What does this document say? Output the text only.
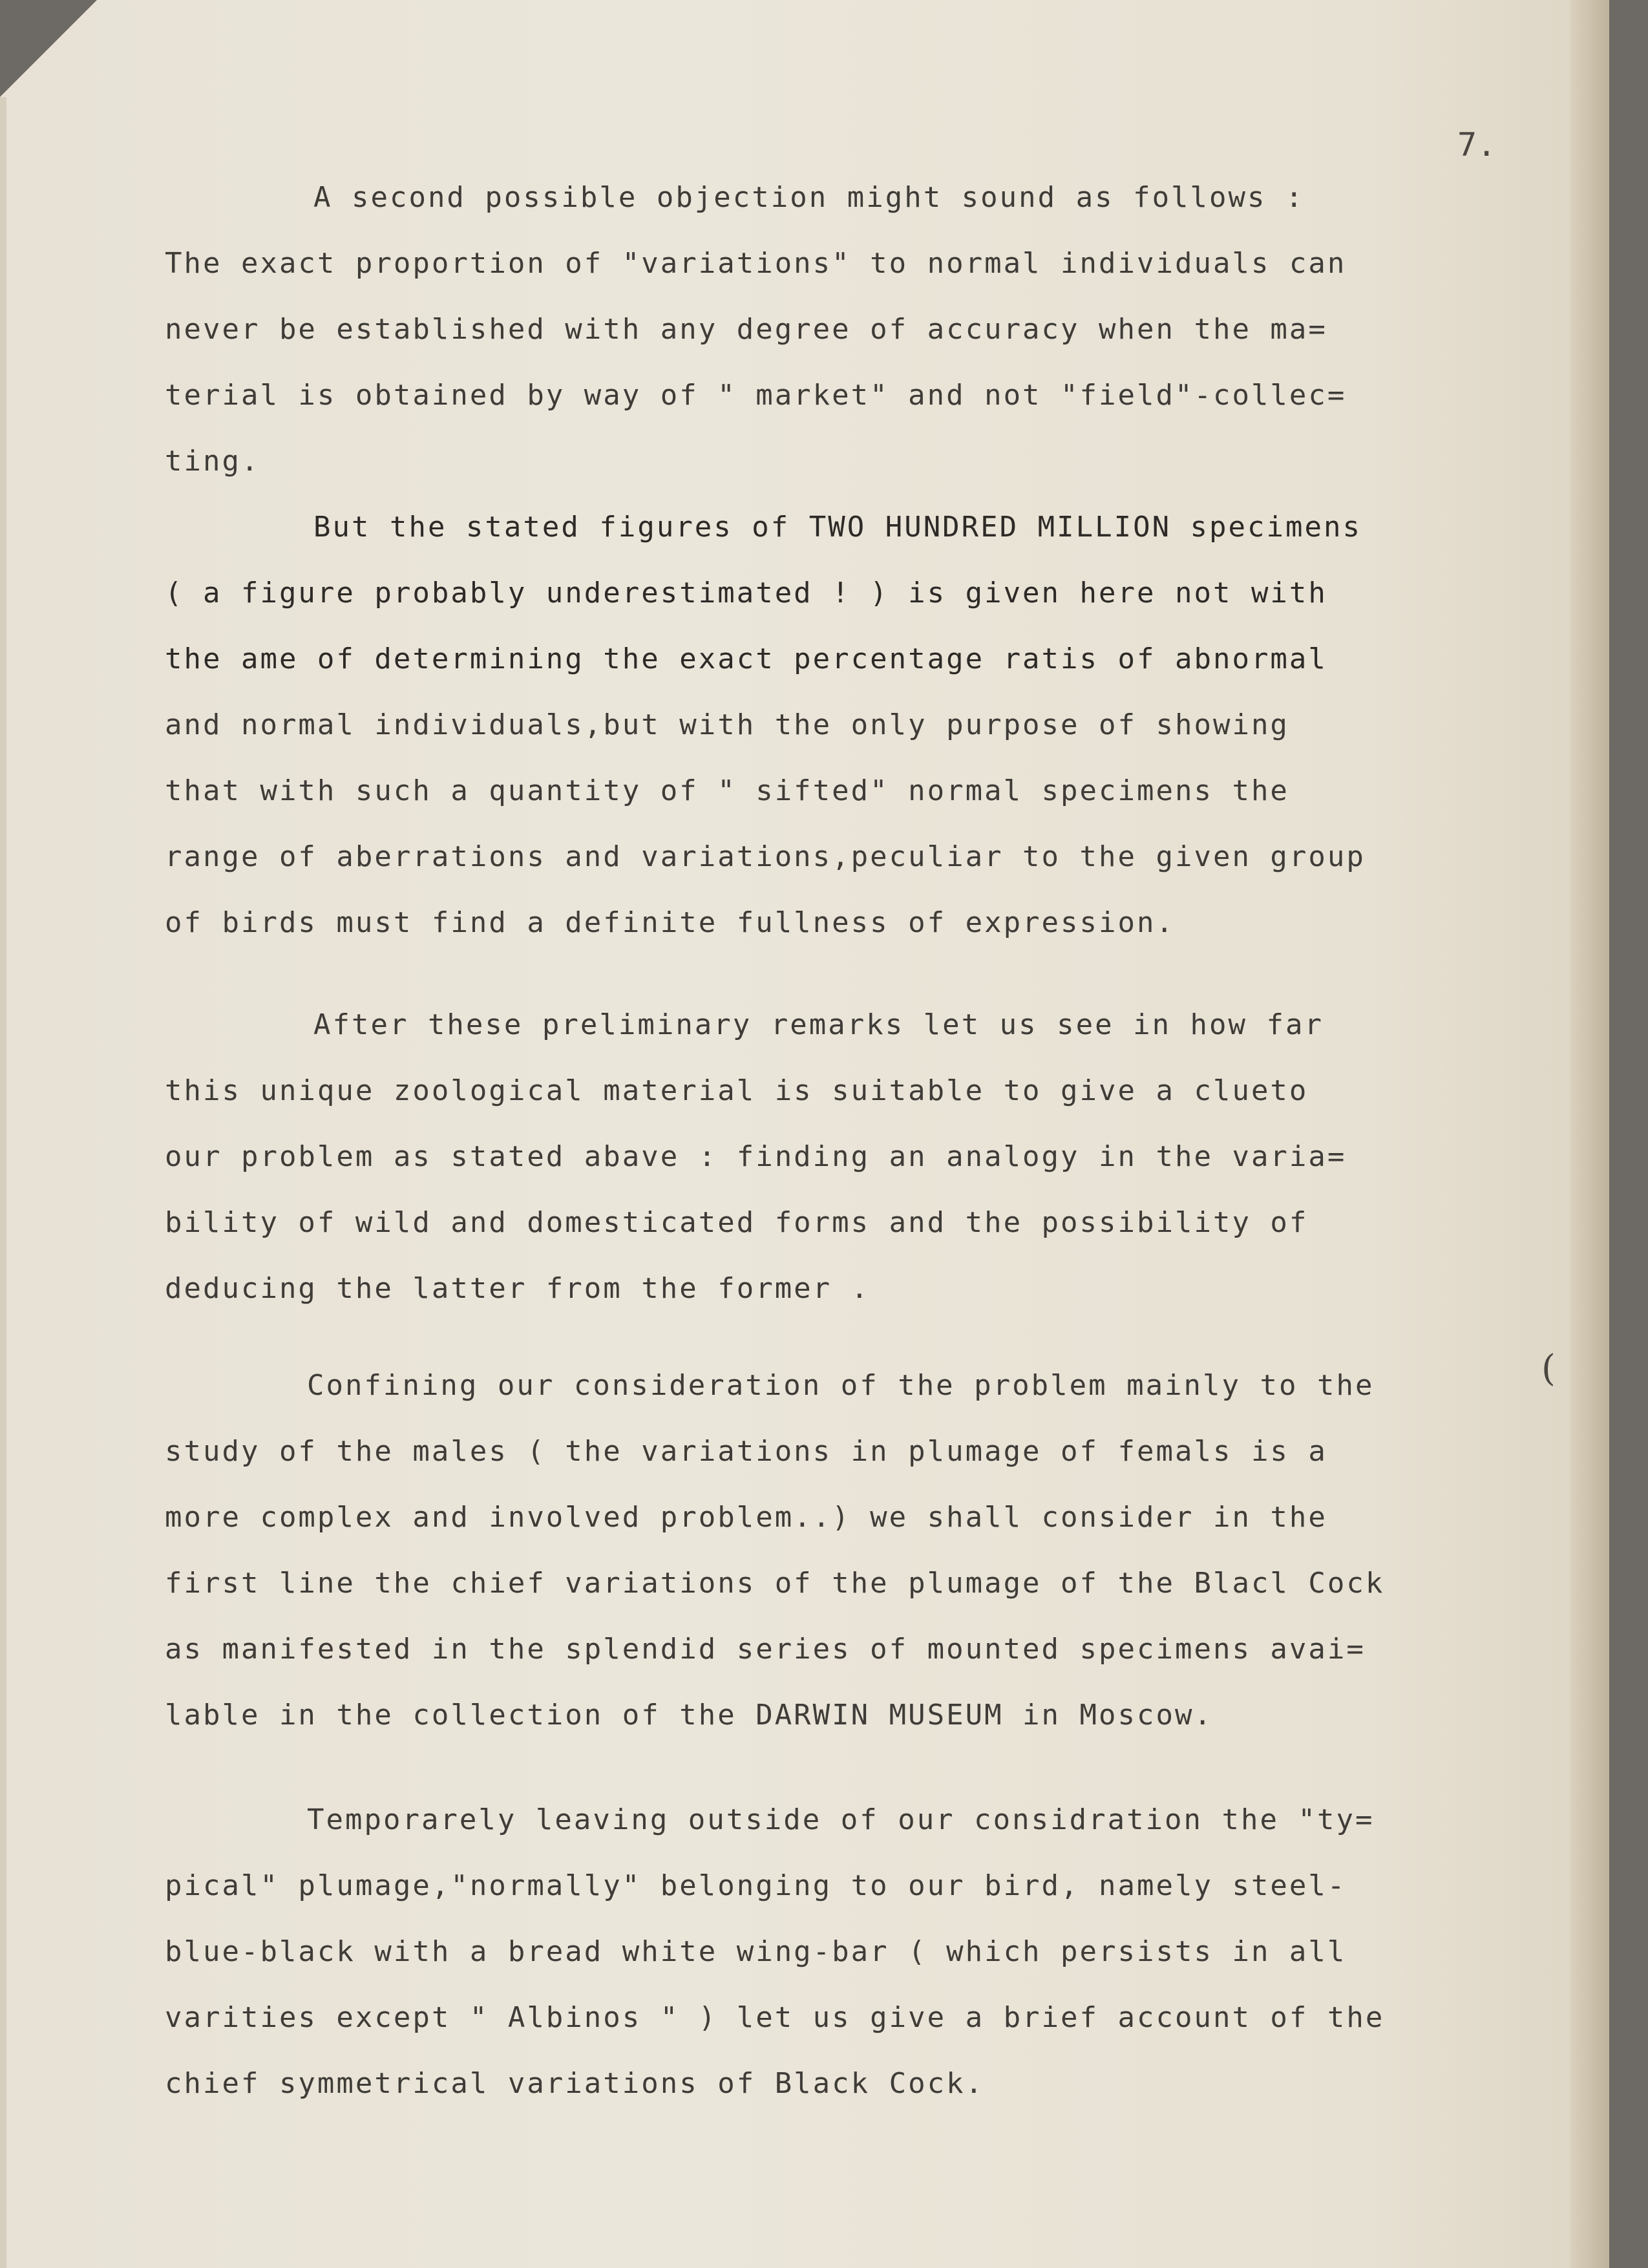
7.
A second possible objection might sound as follows :
The exact proportion of "variations" to normal individuals can
never be established with any degree of accuracy when the ma=
terial is obtained by way of " market" and not "field"-collec=
ting.
But the stated figures of TWO HUNDRED MILLION specimens
( a figure probably underestimated ! ) is given here not with
the ame of determining the exact percentage ratis of abnormal
and normal individuals,but with the only purpose of showing
that with such a quantity of " sifted" normal specimens the
range of aberrations and variations,peculiar to the given group
of birds must find a definite fullness of expression.
After these preliminary remarks let us see in how far
this unique zoological material is suitable to give a clueto
our problem as stated abave : finding an analogy in the varia=
bility of wild and domesticated forms and the possibility of
deducing the latter from the former .
Confining our consideration of the problem mainly to the
study of the males ( the variations in plumage of femals is a
more complex and involved problem..) we shall consider in the
first line the chief variations of the plumage of the Blacl Cock
as manifested in the splendid series of mounted specimens avai=
lable in the collection of the DARWIN MUSEUM in Moscow.
Temporarely leaving outside of our considration the "ty=
pical" plumage,"normally" belonging to our bird, namely steel-
blue-black with a bread white wing-bar ( which persists in all
varities except " Albinos " ) let us give a brief account of the
chief symmetrical variations of Black Cock.
(
